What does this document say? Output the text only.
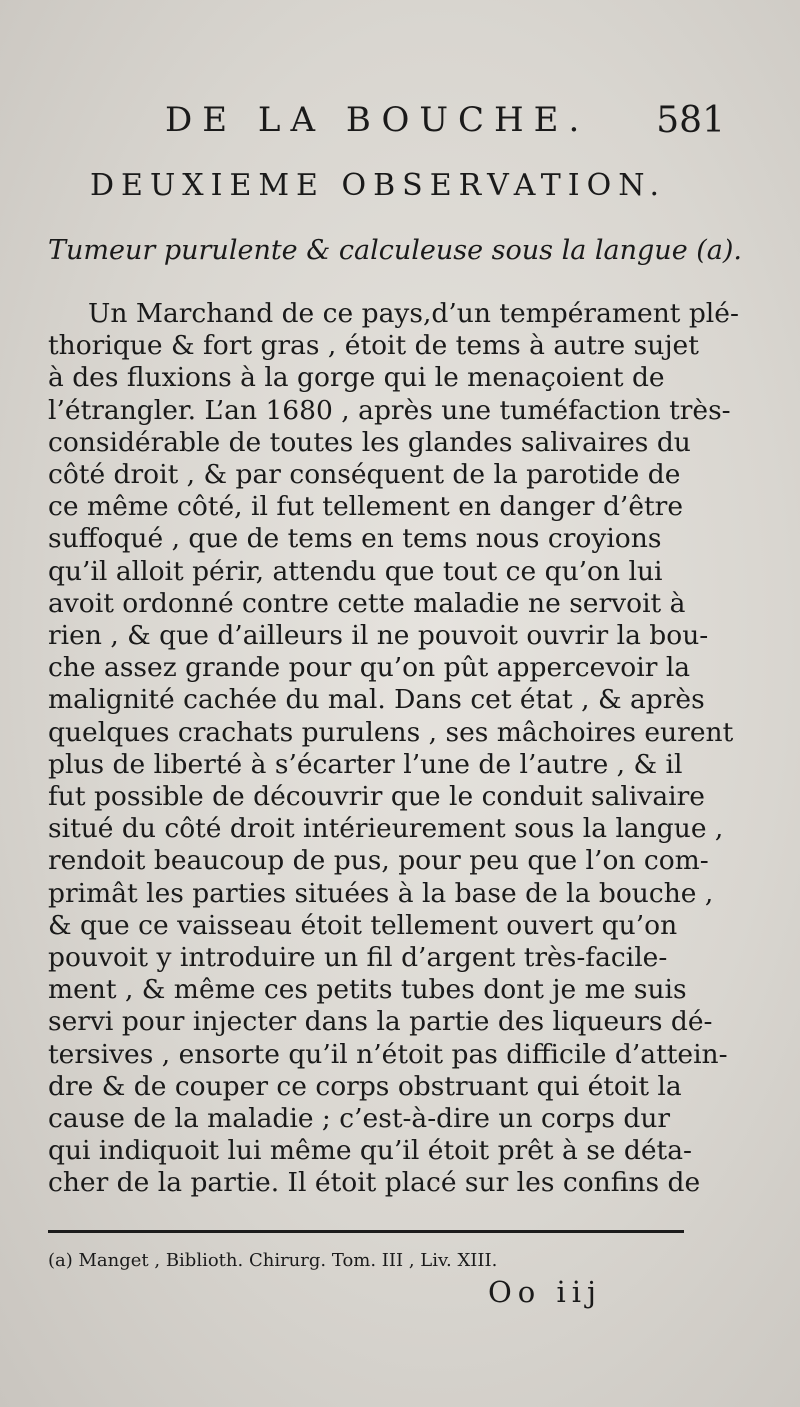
DE LA BOUCHE. 581
DEUXIEME OBSERVATION.
Tumeur purulente & calculeuse sous la langue (a).
Un Marchand de ce pays,d’un tempérament plé-
thorique & fort gras , étoit de tems à autre sujet
à des fluxions à la gorge qui le menaçoient de
l’étrangler. L’an 1680 , après une tuméfaction très-
considérable de toutes les glandes salivaires du
côté droit , & par conséquent de la parotide de
ce même côté, il fut tellement en danger d’être
suffoqué , que de tems en tems nous croyions
qu’il alloit périr, attendu que tout ce qu’on lui
avoit ordonné contre cette maladie ne servoit à
rien , & que d’ailleurs il ne pouvoit ouvrir la bou-
che assez grande pour qu’on pût appercevoir la
malignité cachée du mal. Dans cet état , & après
quelques crachats purulens , ses mâchoires eurent
plus de liberté à s’écarter l’une de l’autre , & il
fut possible de découvrir que le conduit salivaire
situé du côté droit intérieurement sous la langue ,
rendoit beaucoup de pus, pour peu que l’on com-
primât les parties situées à la base de la bouche ,
& que ce vaisseau étoit tellement ouvert qu’on
pouvoit y introduire un fil d’argent très-facile-
ment , & même ces petits tubes dont je me suis
servi pour injecter dans la partie des liqueurs dé-
tersives , ensorte qu’il n’étoit pas difficile d’attein-
dre & de couper ce corps obstruant qui étoit la
cause de la maladie ; c’est-à-dire un corps dur
qui indiquoit lui même qu’il étoit prêt à se déta-
cher de la partie. Il étoit placé sur les confins de
(a) Manget , Biblioth. Chirurg. Tom. III , Liv. XIII.
Oo iij
